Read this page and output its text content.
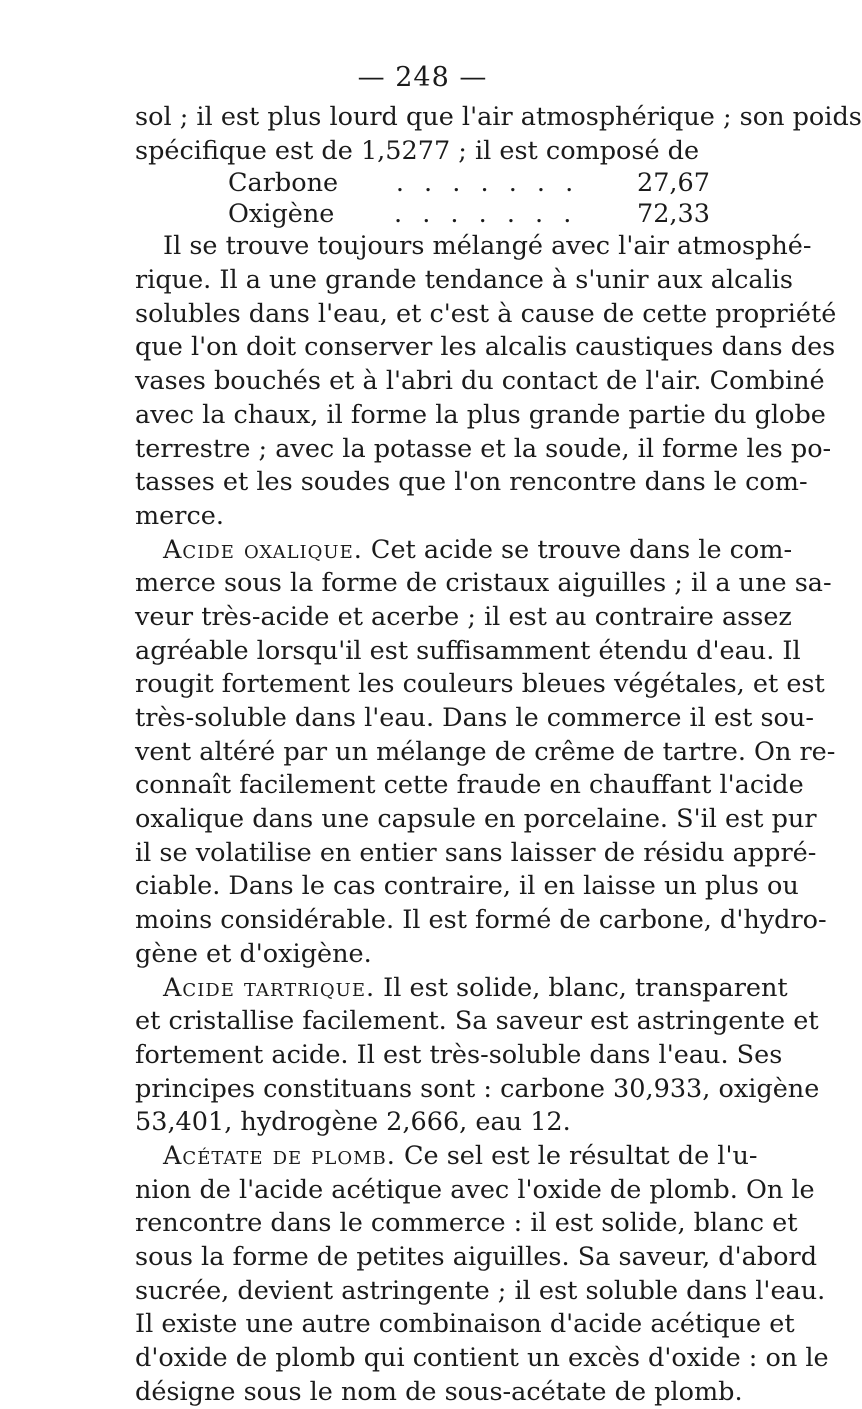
— 248 —
sol ; il est plus lourd que l'air atmosphérique ; son poids
spécifique est de 1,5277 ; il est composé de
Carbone	. . . . . . .	27,67
Oxigène	. . . . . . .	72,33
Il se trouve toujours mélangé avec l'air atmosphé-
rique. Il a une grande tendance à s'unir aux alcalis
solubles dans l'eau, et c'est à cause de cette propriété
que l'on doit conserver les alcalis caustiques dans des
vases bouchés et à l'abri du contact de l'air. Combiné
avec la chaux, il forme la plus grande partie du globe
terrestre ; avec la potasse et la soude, il forme les po-
tasses et les soudes que l'on rencontre dans le com-
merce.
Acide oxalique. Cet acide se trouve dans le com-
merce sous la forme de cristaux aiguilles ; il a une sa-
veur très-acide et acerbe ; il est au contraire assez
agréable lorsqu'il est suffisamment étendu d'eau. Il
rougit fortement les couleurs bleues végétales, et est
très-soluble dans l'eau. Dans le commerce il est sou-
vent altéré par un mélange de crême de tartre. On re-
connaît facilement cette fraude en chauffant l'acide
oxalique dans une capsule en porcelaine. S'il est pur
il se volatilise en entier sans laisser de résidu appré-
ciable. Dans le cas contraire, il en laisse un plus ou
moins considérable. Il est formé de carbone, d'hydro-
gène et d'oxigène.
Acide tartrique. Il est solide, blanc, transparent
et cristallise facilement. Sa saveur est astringente et
fortement acide. Il est très-soluble dans l'eau. Ses
principes constituans sont : carbone 30,933, oxigène
53,401, hydrogène 2,666, eau 12.
Acétate de plomb. Ce sel est le résultat de l'u-
nion de l'acide acétique avec l'oxide de plomb. On le
rencontre dans le commerce : il est solide, blanc et
sous la forme de petites aiguilles. Sa saveur, d'abord
sucrée, devient astringente ; il est soluble dans l'eau.
Il existe une autre combinaison d'acide acétique et
d'oxide de plomb qui contient un excès d'oxide : on le
désigne sous le nom de sous-acétate de plomb.
